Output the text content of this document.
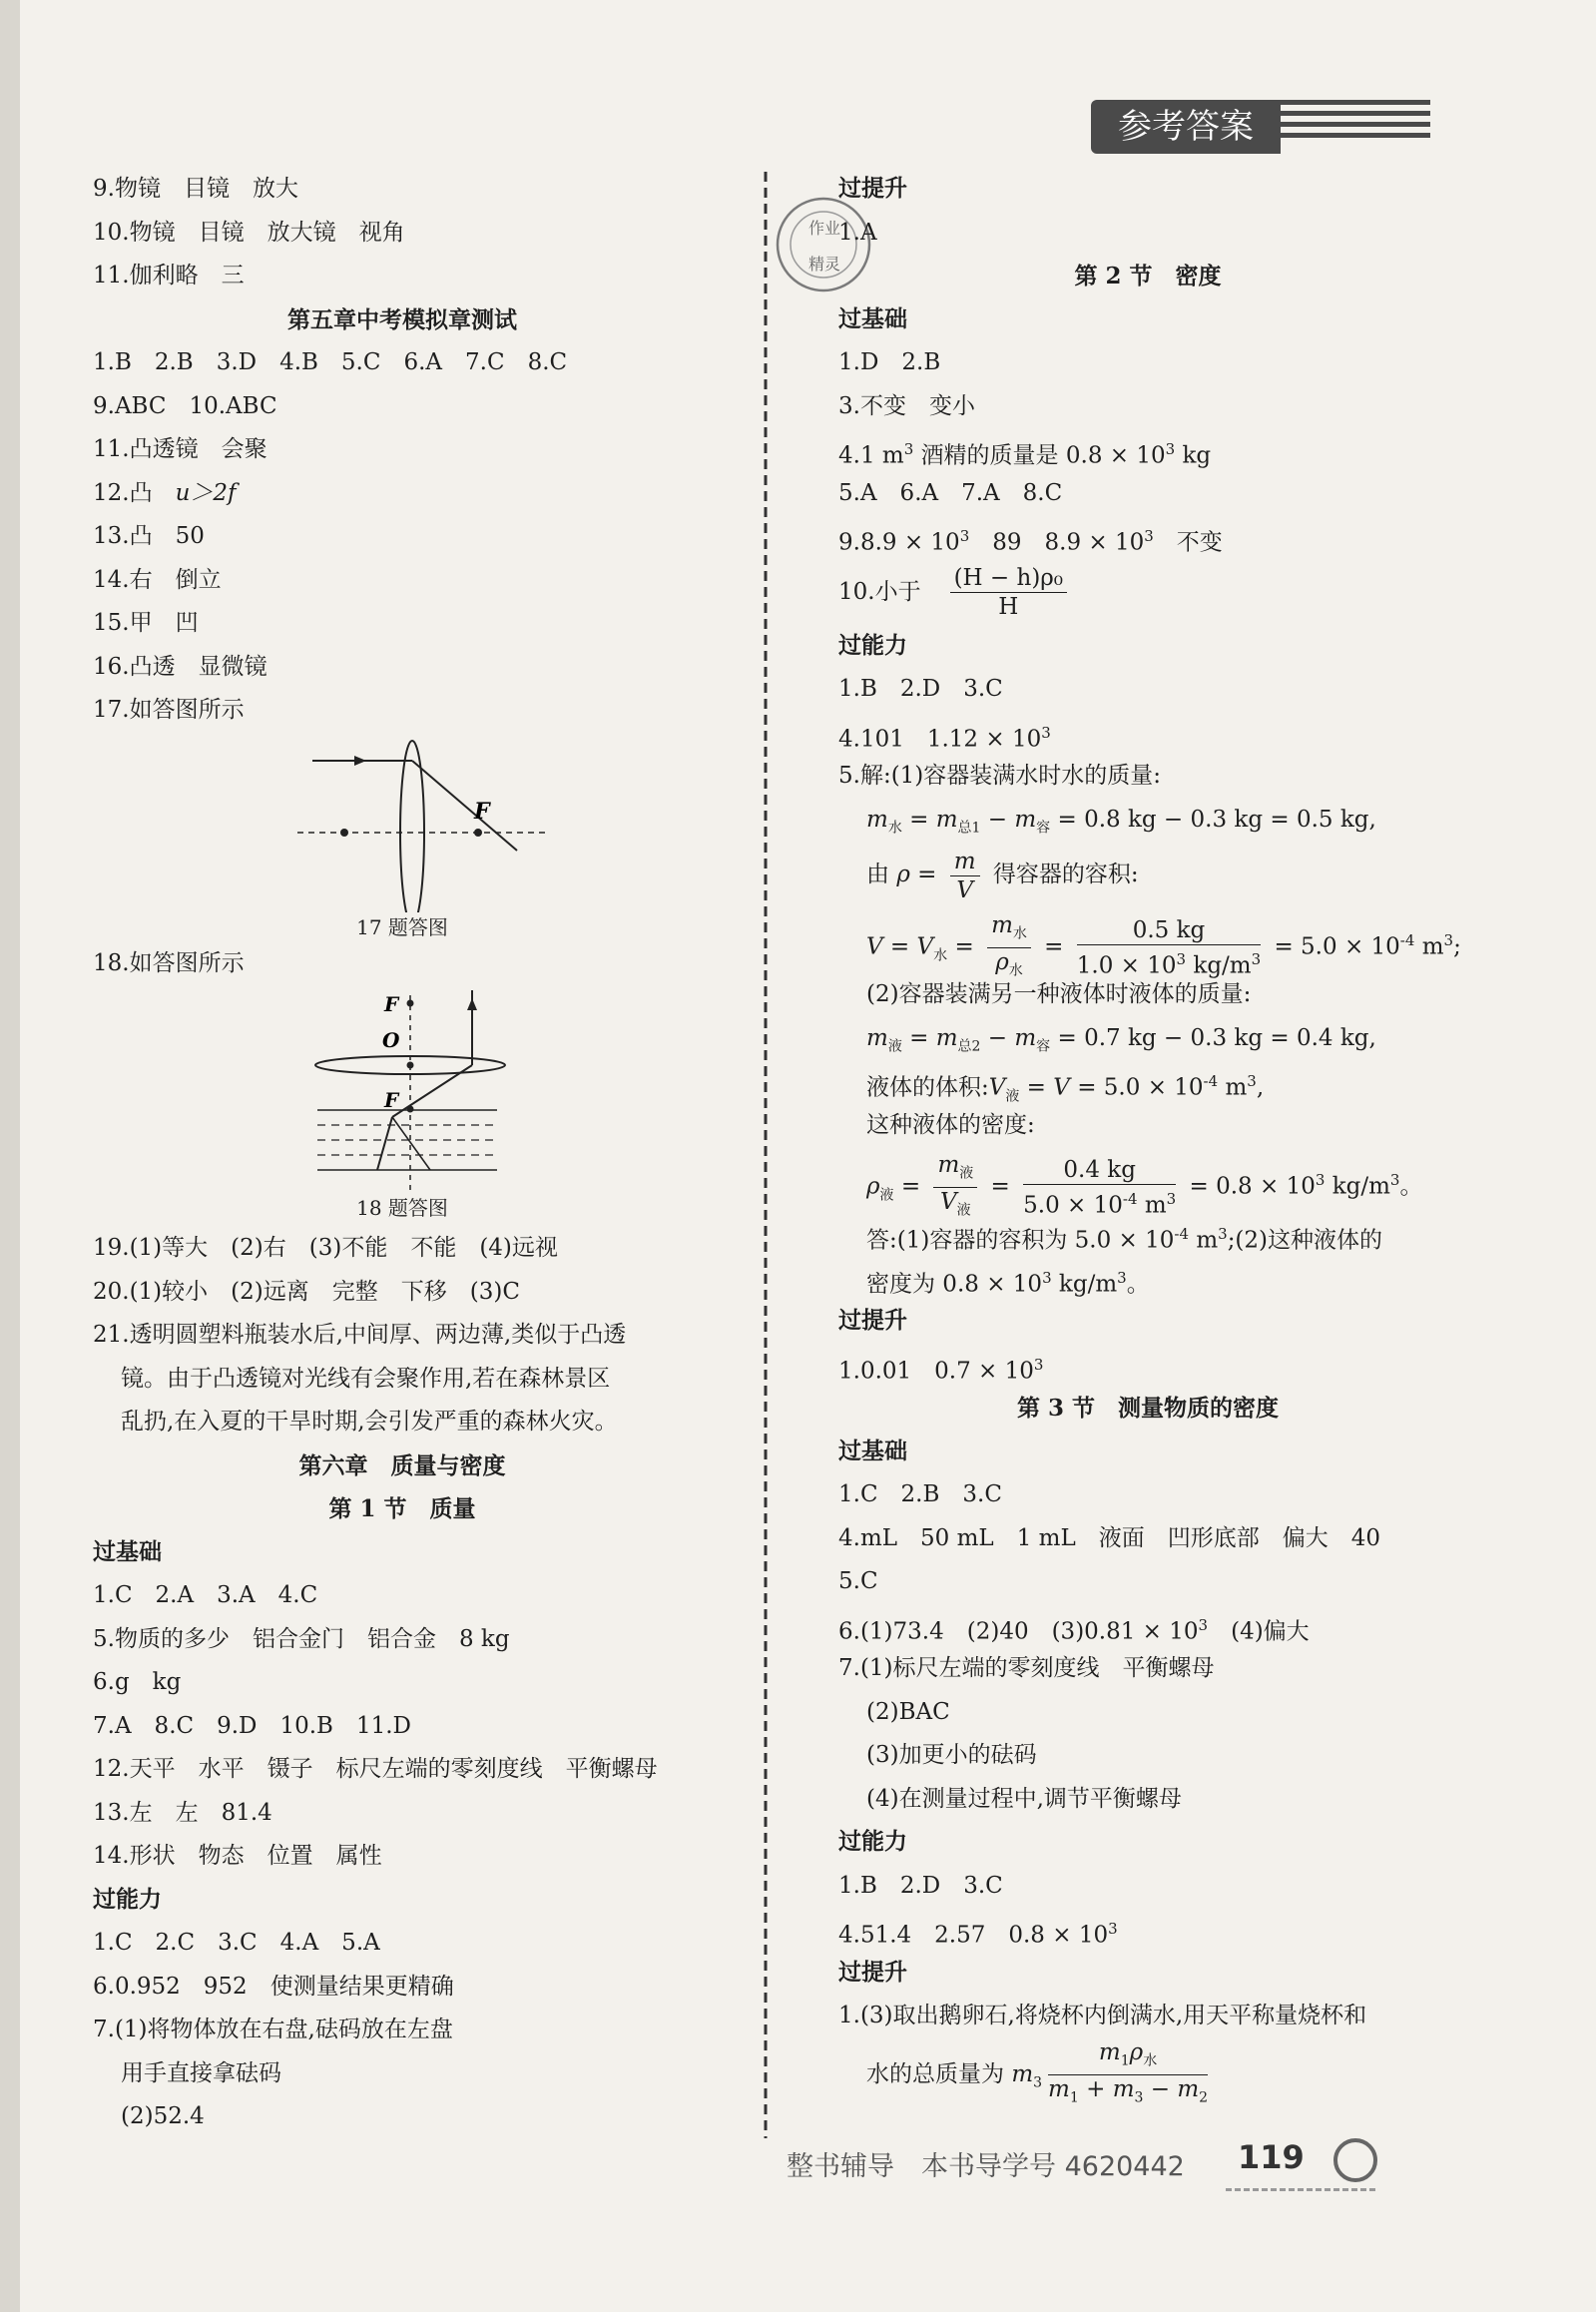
参考答案
9.物镜　目镜　放大
10.物镜　目镜　放大镜　视角
11.伽利略　三
第五章中考模拟章测试
1.B　2.B　3.D　4.B　5.C　6.A　7.C　8.C
9.ABC　10.ABC
11.凸透镜　会聚
12.凸　u＞2f
13.凸　50
14.右　倒立
15.甲　凹
16.凸透　显微镜
17.如答图所示
F
17 题答图
18.如答图所示
F
O
F
18 题答图
19.(1)等大　(2)右　(3)不能　不能　(4)远视
20.(1)较小　(2)远离　完整　下移　(3)C
21.透明圆塑料瓶装水后,中间厚、两边薄,类似于凸透
镜。由于凸透镜对光线有会聚作用,若在森林景区
乱扔,在入夏的干旱时期,会引发严重的森林火灾。
第六章　质量与密度
第 1 节　质量
过基础
1.C　2.A　3.A　4.C
5.物质的多少　铝合金门　铝合金　8 kg
6.g　kg
7.A　8.C　9.D　10.B　11.D
12.天平　水平　镊子　标尺左端的零刻度线　平衡螺母
13.左　左　81.4
14.形状　物态　位置　属性
过能力
1.C　2.C　3.C　4.A　5.A
6.0.952　952　使测量结果更精确
7.(1)将物体放在右盘,砝码放在左盘
用手直接拿砝码
(2)52.4
作业
精灵
过提升
1.A
第 2 节　密度
过基础
1.D　2.B
3.不变　变小
4.1 $m^3$ 酒精的质量是 $0.8 \times 10^3$ kg
5.A　6.A　7.A　8.C
$9.8.9 \times 10^3$　89　$8.9 \times 10^3$　不变
10.小于　 $\frac{\text{(H − h)ρ₀}}{H}$
过能力
1.B　2.D　3.C
4.101　$1.12 \times 10^3$
5.解:(1)容器装满水时水的质量:
$m_水 = m_{总1} - m_容 = 0.8$ kg − 0.3 kg = 0.5 kg,
由 $\rho = \frac{m}{V}$ 得容器的容积:
$V = V_水 = \frac{m_水}{\rho_水} = \frac{0.5 kg}{1.0 \times 10^3 kg/m^3} = 5.0 \times 10^{-4}$ $m^3$;
(2)容器装满另一种液体时液体的质量:
$m_液 = m_{总2} - m_容 = 0.7$ kg − 0.3 kg = 0.4 kg,
液体的体积$:V_液 = V = 5.0 \times 10^{-4}$ $m^3$,
这种液体的密度:
$\rho_液 = \frac{m_液}{V_液} = \frac{0.4 kg}{5.0 \times 10^{-4} m^3} = 0.8 \times 10^3$ $kg/m^3$。
答:(1)容器的容积为 $5.0 \times 10^{-4}$ $m^3;(2)$这种液体的
密度为 $0.8 \times 10^3$ $kg/m^3$。
过提升
1.0.01　$0.7 \times 10^3$
第 3 节　测量物质的密度
过基础
1.C　2.B　3.C
4.mL　50 mL　1 mL　液面　凹形底部　偏大　40
5.C
6.(1)73.4　(2)40　$(3)0.81 \times 10^3$　(4)偏大
7.(1)标尺左端的零刻度线　平衡螺母
(2)BAC
(3)加更小的砝码
(4)在测量过程中,调节平衡螺母
过能力
1.B　2.D　3.C
4.51.4　2.57　$0.8 \times 10^3$
过提升
1.(3)取出鹅卵石,将烧杯内倒满水,用天平称量烧杯和
水的总质量为 $m_3 \frac{m_1\rho_水}{m_1 + m_3 - m_2}$
整书辅导　本书导学号 4620442 119
